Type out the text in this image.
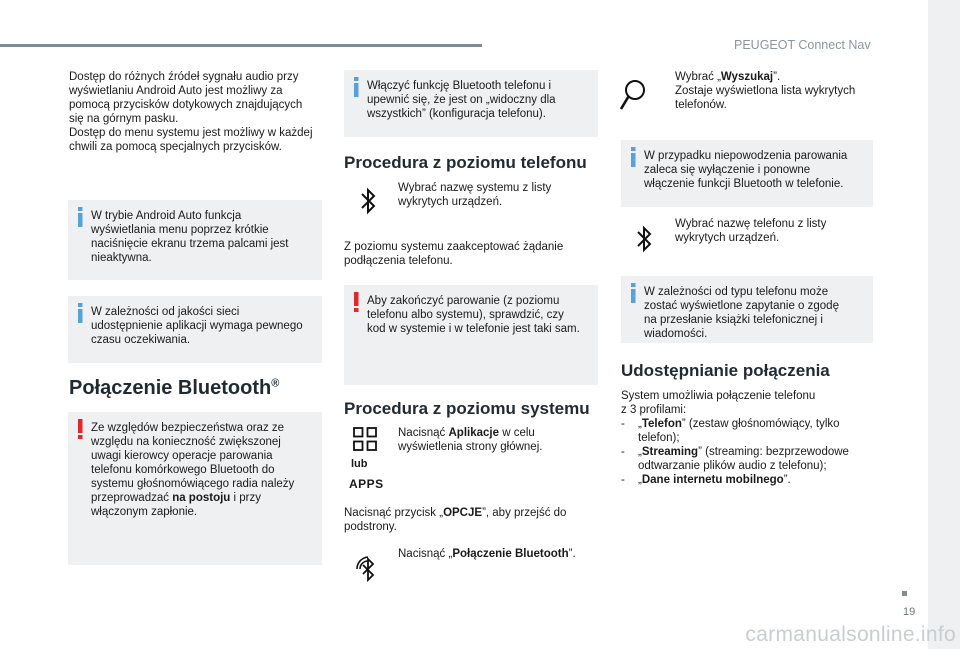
PEUGEOT Connect Nav
Dostęp do różnych źródeł sygnału audio przy
wyświetlaniu Android Auto jest możliwy za
pomocą przycisków dotykowych znajdujących
się na górnym pasku.
Dostęp do menu systemu jest możliwy w każdej
chwili za pomocą specjalnych przycisków.
W trybie Android Auto funkcja
wyświetlania menu poprzez krótkie
naciśnięcie ekranu trzema palcami jest
nieaktywna.
W zależności od jakości sieci
udostępnienie aplikacji wymaga pewnego
czasu oczekiwania.
Połączenie Bluetooth®
Ze względów bezpieczeństwa oraz ze
względu na konieczność zwiększonej
uwagi kierowcy operacje parowania
telefonu komórkowego Bluetooth do
systemu głośnomówiącego radia należy
przeprowadzać na postoju i przy
włączonym zapłonie.
Włączyć funkcję Bluetooth telefonu i
upewnić się, że jest on „widoczny dla
wszystkich” (konfiguracja telefonu).
Procedura z poziomu telefonu
Wybrać nazwę systemu z listy
wykrytych urządzeń.
Z poziomu systemu zaakceptować żądanie
podłączenia telefonu.
Aby zakończyć parowanie (z poziomu
telefonu albo systemu), sprawdzić, czy
kod w systemie i w telefonie jest taki sam.
Procedura z poziomu systemu
lub
APPS
Nacisnąć Aplikacje w celu
wyświetlenia strony głównej.
Nacisnąć przycisk „OPCJE”, aby przejść do
podstrony.
Nacisnąć „Połączenie Bluetooth”.
Wybrać „Wyszukaj”.
Zostaje wyświetlona lista wykrytych
telefonów.
W przypadku niepowodzenia parowania
zaleca się wyłączenie i ponowne
włączenie funkcji Bluetooth w telefonie.
Wybrać nazwę telefonu z listy
wykrytych urządzeń.
W zależności od typu telefonu może
zostać wyświetlone zapytanie o zgodę
na przesłanie książki telefonicznej i
wiadomości.
Udostępnianie połączenia
System umożliwia połączenie telefonu
z 3 profilami:
- „Telefon” (zestaw głośnomówiący, tylko
telefon);
- „Streaming” (streaming: bezprzewodowe
odtwarzanie plików audio z telefonu);
- „Dane internetu mobilnego”.
19
carmanualsonline.info
